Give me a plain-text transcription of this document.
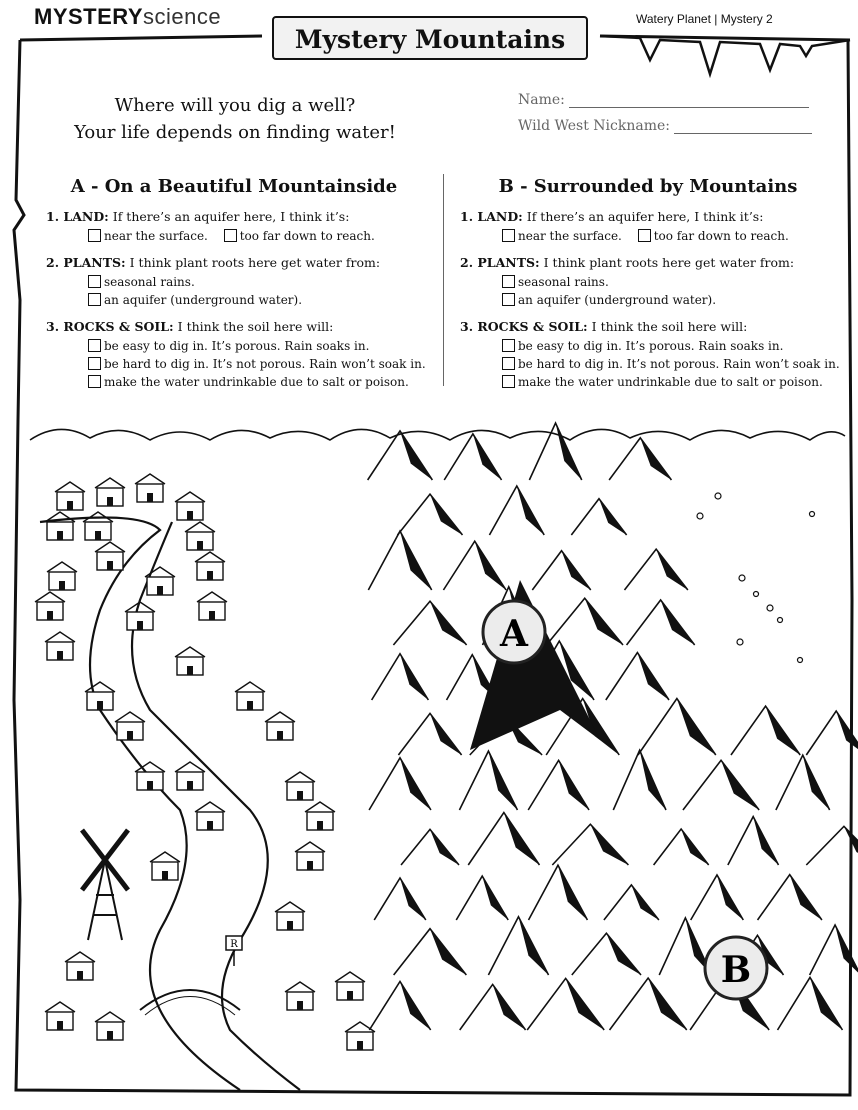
MYSTERYscience	Watery Planet | Mystery 2
Mystery Mountains
Where will you dig a well?
Your life depends on finding water!
Name:
Wild West Nickname:
A - On a Beautiful Mountainside
1. LAND: If there’s an aquifer here, I think it’s:
near the surface.	too far down to reach.
2. PLANTS: I think plant roots here get water from:
seasonal rains. an aquifer (underground water).
3. ROCKS & SOIL: I think the soil here will:
be easy to dig in. It’s porous. Rain soaks in.
be hard to dig in. It’s not porous. Rain won’t soak in.
make the water undrinkable due to salt or poison.
B - Surrounded by Mountains
1. LAND: If there’s an aquifer here, I think it’s:
near the surface.	too far down to reach.
2. PLANTS: I think plant roots here get water from:
seasonal rains. an aquifer (underground water).
3. ROCKS & SOIL: I think the soil here will:
be easy to dig in. It’s porous. Rain soaks in.
be hard to dig in. It’s not porous. Rain won’t soak in.
make the water undrinkable due to salt or poison.
R
A
B
